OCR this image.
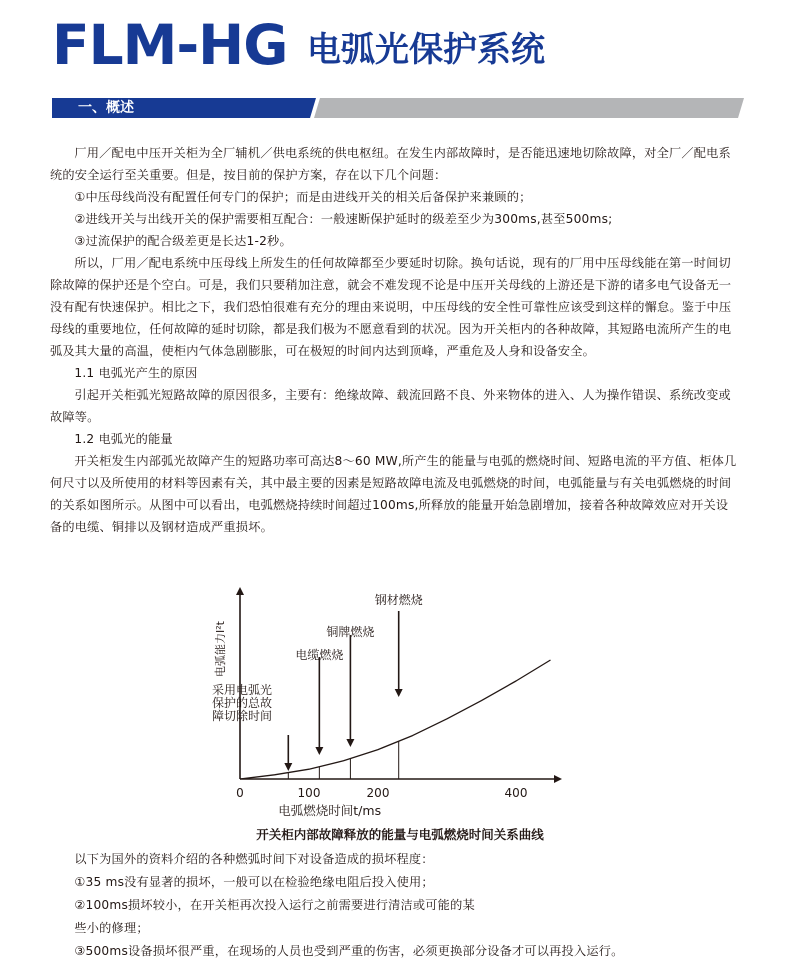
FLM-HG 电弧光保护系统
一、概述

厂用／配电中压开关柜为全厂辅机／供电系统的供电枢纽。在发生内部故障时，是否能迅速地切除故障，对全厂／配电系统的安全运行至关重要。但是，按目前的保护方案，存在以下几个问题：

①中压母线尚没有配置任何专门的保护；而是由进线开关的相关后备保护来兼顾的；

②进线开关与出线开关的保护需要相互配合：一般速断保护延时的级差至少为300ms,甚至500ms;

③过流保护的配合级差更是长达1-2秒。

所以，厂用／配电系统中压母线上所发生的任何故障都至少要延时切除。换句话说，现有的厂用中压母线能在第一时间切除故障的保护还是个空白。可是，我们只要稍加注意，就会不难发现不论是中压开关母线的上游还是下游的诸多电气设备无一没有配有快速保护。相比之下，我们恐怕很难有充分的理由来说明，中压母线的安全性可靠性应该受到这样的懈怠。鉴于中压母线的重要地位，任何故障的延时切除，都是我们极为不愿意看到的状况。因为开关柜内的各种故障，其短路电流所产生的电弧及其大量的高温，使柜内气体急剧膨胀，可在极短的时间内达到顶峰，严重危及人身和设备安全。

1.1 电弧光产生的原因

引起开关柜弧光短路故障的原因很多，主要有：绝缘故障、载流回路不良、外来物体的进入、人为操作错误、系统改变或故障等。

1.2 电弧光的能量

开关柜发生内部弧光故障产生的短路功率可高达8～60 MW,所产生的能量与电弧的燃烧时间、短路电流的平方值、柜体几何尺寸以及所使用的材料等因素有关，其中最主要的因素是短路故障电流及电弧燃烧的时间，电弧能量与有关电弧燃烧的时间的关系如图所示。从图中可以看出，电弧燃烧持续时间超过100ms,所释放的能量开始急剧增加，接着各种故障效应对开关设备的电缆、铜排以及钢材造成严重损坏。

0	100	200	400
电弧燃烧时间t/ms
电弧能力I²t
采用电弧光
保护的总故
障切除时间
电缆燃烧
铜牌燃烧
钢材燃烧
开关柜内部故障释放的能量与电弧燃烧时间关系曲线

以下为国外的资料介绍的各种燃弧时间下对设备造成的损坏程度：

①35 ms没有显著的损坏，一般可以在检验绝缘电阻后投入使用；

②100ms损坏较小，在开关柜再次投入运行之前需要进行清洁或可能的某

些小的修理；

③500ms设备损坏很严重，在现场的人员也受到严重的伤害，必须更换部分设备才可以再投入运行。
